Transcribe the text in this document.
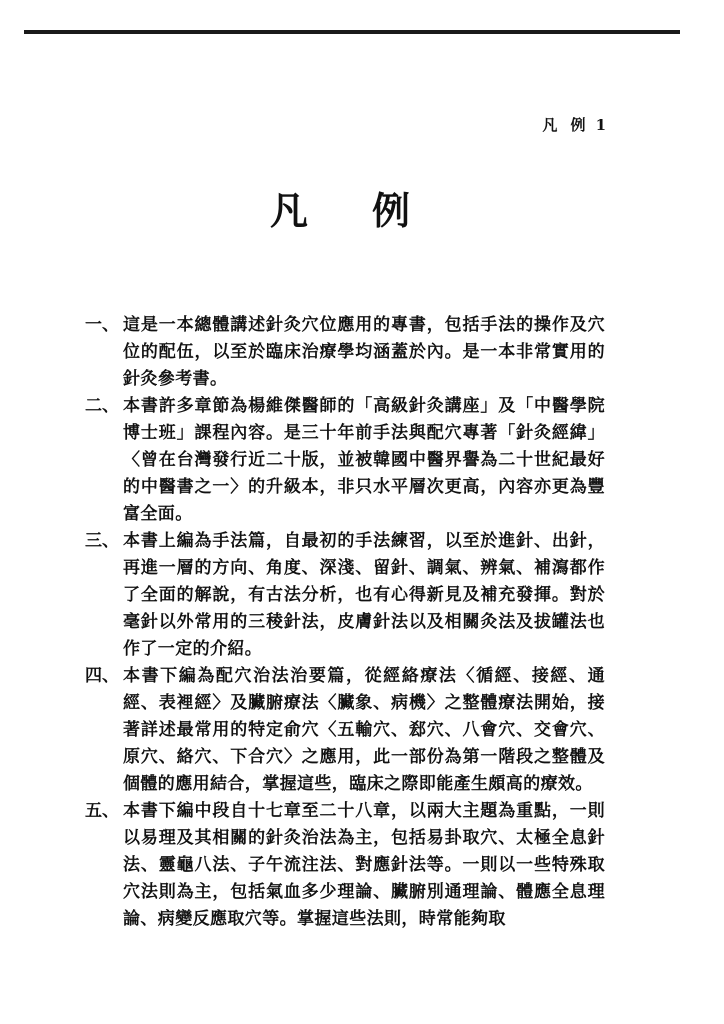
凡 例 1
凡例
一、 這是一本總體講述針灸穴位應用的專書，包括手法的操作及穴位的配伍，以至於臨床治療學均涵蓋於內。是一本非常實用的針灸參考書。
二、 本書許多章節為楊維傑醫師的「高級針灸講座」及「中醫學院博士班」課程內容。是三十年前手法與配穴專著「針灸經緯」〈曾在台灣發行近二十版，並被韓國中醫界譽為二十世紀最好的中醫書之一〉的升級本，非只水平層次更高，內容亦更為豐富全面。
三、 本書上編為手法篇，自最初的手法練習，以至於進針、出針，再進一層的方向、角度、深淺、留針、調氣、辨氣、補瀉都作了全面的解說，有古法分析，也有心得新見及補充發揮。對於毫針以外常用的三稜針法，皮膚針法以及相關灸法及拔罐法也作了一定的介紹。
四、 本書下編為配穴治法治要篇，從經絡療法〈循經、接經、通經、表裡經〉及臟腑療法〈臟象、病機〉之整體療法開始，接著詳述最常用的特定俞穴〈五輸穴、郄穴、八會穴、交會穴、原穴、絡穴、下合穴〉之應用，此一部份為第一階段之整體及個體的應用結合，掌握這些，臨床之際即能產生頗高的療效。
五、 本書下編中段自十七章至二十八章，以兩大主題為重點，一則以易理及其相關的針灸治法為主，包括易卦取穴、太極全息針法、靈龜八法、子午流注法、對應針法等。一則以一些特殊取穴法則為主，包括氣血多少理論、臟腑別通理論、體應全息理論、病變反應取穴等。掌握這些法則，時常能夠取
